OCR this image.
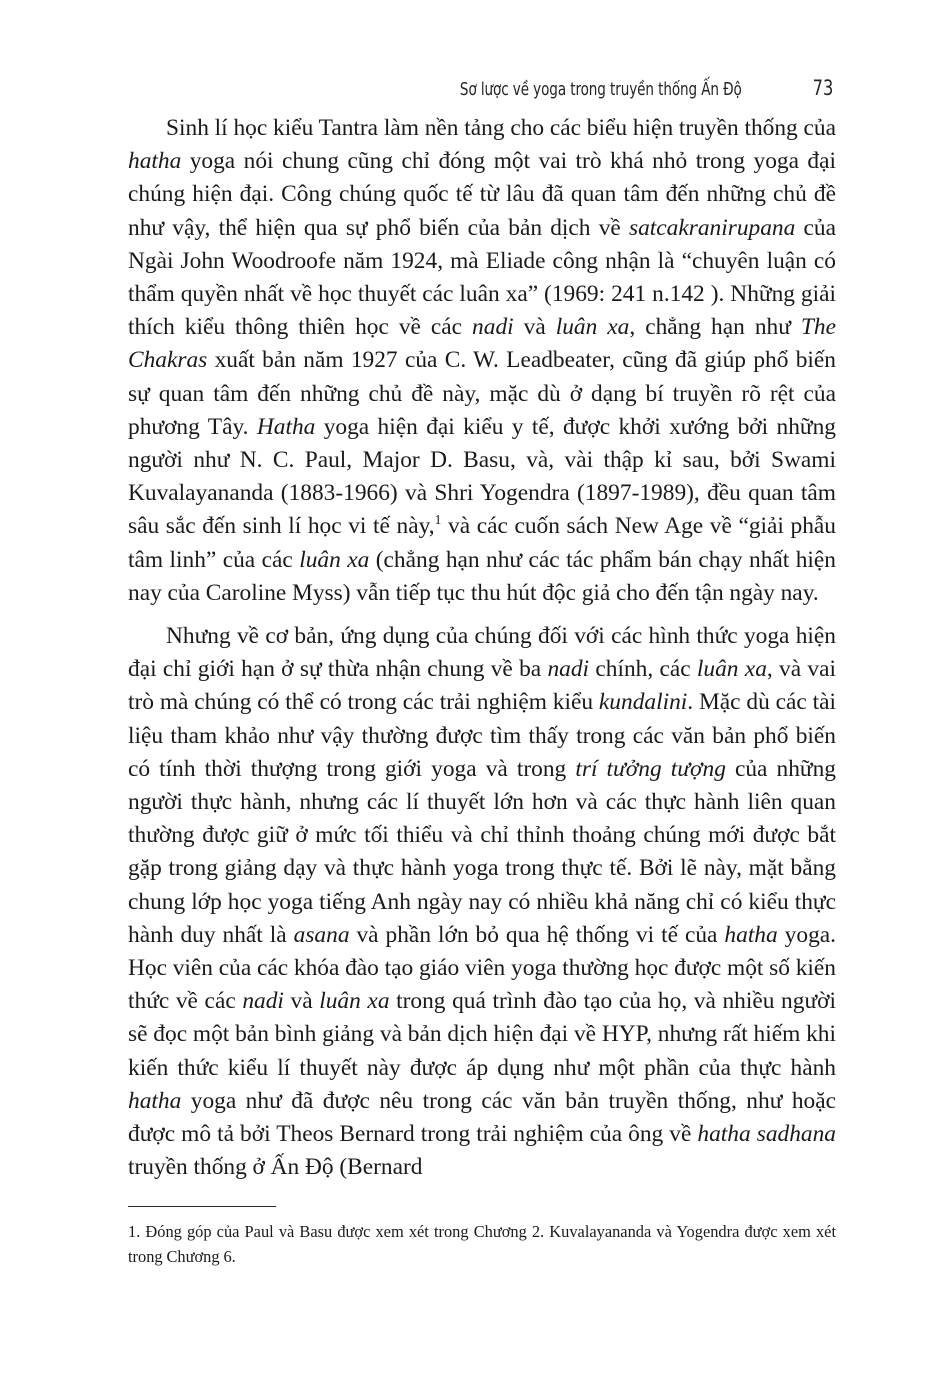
Sơ lược về yoga trong truyền thống Ấn Độ	73

Sinh lí học kiểu Tantra làm nền tảng cho các biểu hiện truyền thống của hatha yoga nói chung cũng chỉ đóng một vai trò khá nhỏ trong yoga đại chúng hiện đại. Công chúng quốc tế từ lâu đã quan tâm đến những chủ đề như vậy, thể hiện qua sự phổ biến của bản dịch về satcakranirupana của Ngài John Woodroofe năm 1924, mà Eliade công nhận là “chuyên luận có thẩm quyền nhất về học thuyết các luân xa” (1969: 241 n.142 ). Những giải thích kiểu thông thiên học về các nadi và luân xa, chẳng hạn như The Chakras xuất bản năm 1927 của C. W. Leadbeater, cũng đã giúp phổ biến sự quan tâm đến những chủ đề này, mặc dù ở dạng bí truyền rõ rệt của phương Tây. Hatha yoga hiện đại kiểu y tế, được khởi xướng bởi những người như N. C. Paul, Major D. Basu, và, vài thập kỉ sau, bởi Swami Kuvalayananda (1883-1966) và Shri Yogendra (1897-1989), đều quan tâm sâu sắc đến sinh lí học vi tế này,$^1$ và các cuốn sách New Age về “giải phẫu tâm linh” của các luân xa (chẳng hạn như các tác phẩm bán chạy nhất hiện nay của Caroline Myss) vẫn tiếp tục thu hút độc giả cho đến tận ngày nay.

Nhưng về cơ bản, ứng dụng của chúng đối với các hình thức yoga hiện đại chỉ giới hạn ở sự thừa nhận chung về ba nadi chính, các luân xa, và vai trò mà chúng có thể có trong các trải nghiệm kiểu kundalini. Mặc dù các tài liệu tham khảo như vậy thường được tìm thấy trong các văn bản phổ biến có tính thời thượng trong giới yoga và trong trí tưởng tượng của những người thực hành, nhưng các lí thuyết lớn hơn và các thực hành liên quan thường được giữ ở mức tối thiểu và chỉ thỉnh thoảng chúng mới được bắt gặp trong giảng dạy và thực hành yoga trong thực tế. Bởi lẽ này, mặt bằng chung lớp học yoga tiếng Anh ngày nay có nhiều khả năng chỉ có kiểu thực hành duy nhất là asana và phần lớn bỏ qua hệ thống vi tế của hatha yoga. Học viên của các khóa đào tạo giáo viên yoga thường học được một số kiến thức về các nadi và luân xa trong quá trình đào tạo của họ, và nhiều người sẽ đọc một bản bình giảng và bản dịch hiện đại về HYP, nhưng rất hiếm khi kiến thức kiểu lí thuyết này được áp dụng như một phần của thực hành hatha yoga như đã được nêu trong các văn bản truyền thống, như hoặc được mô tả bởi Theos Bernard trong trải nghiệm của ông về hatha sadhana truyền thống ở Ấn Độ (Bernard

1. Đóng góp của Paul và Basu được xem xét trong Chương 2. Kuvalayananda và Yogendra được xem xét trong Chương 6.
